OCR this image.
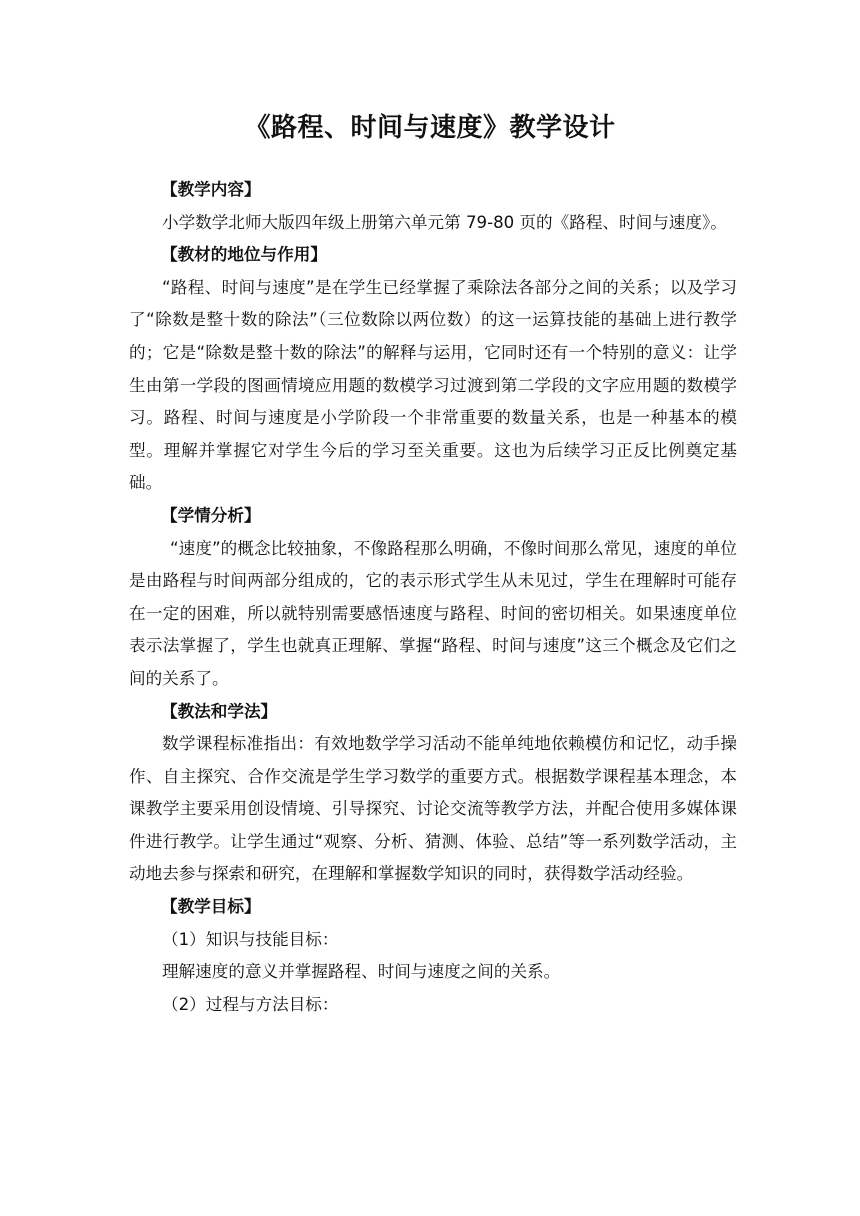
《路程、时间与速度》教学设计

【教学内容】

小学数学北师大版四年级上册第六单元第 79-80 页的《路程、时间与速度》。

【教材的地位与作用】

“路程、时间与速度”是在学生已经掌握了乘除法各部分之间的关系；以及学习了“除数是整十数的除法”（三位数除以两位数）的这一运算技能的基础上进行教学的；它是“除数是整十数的除法”的解释与运用，它同时还有一个特别的意义：让学生由第一学段的图画情境应用题的数模学习过渡到第二学段的文字应用题的数模学习。路程、时间与速度是小学阶段一个非常重要的数量关系，也是一种基本的模型。理解并掌握它对学生今后的学习至关重要。这也为后续学习正反比例奠定基础。

【学情分析】

“速度”的概念比较抽象，不像路程那么明确，不像时间那么常见，速度的单位是由路程与时间两部分组成的，它的表示形式学生从未见过，学生在理解时可能存在一定的困难，所以就特别需要感悟速度与路程、时间的密切相关。如果速度单位表示法掌握了，学生也就真正理解、掌握“路程、时间与速度”这三个概念及它们之间的关系了。

【教法和学法】

数学课程标准指出：有效地数学学习活动不能单纯地依赖模仿和记忆，动手操作、自主探究、合作交流是学生学习数学的重要方式。根据数学课程基本理念，本课教学主要采用创设情境、引导探究、讨论交流等教学方法，并配合使用多媒体课件进行教学。让学生通过“观察、分析、猜测、体验、总结”等一系列数学活动，主动地去参与探索和研究，在理解和掌握数学知识的同时，获得数学活动经验。

【教学目标】

（1）知识与技能目标：

理解速度的意义并掌握路程、时间与速度之间的关系。

（2）过程与方法目标：
